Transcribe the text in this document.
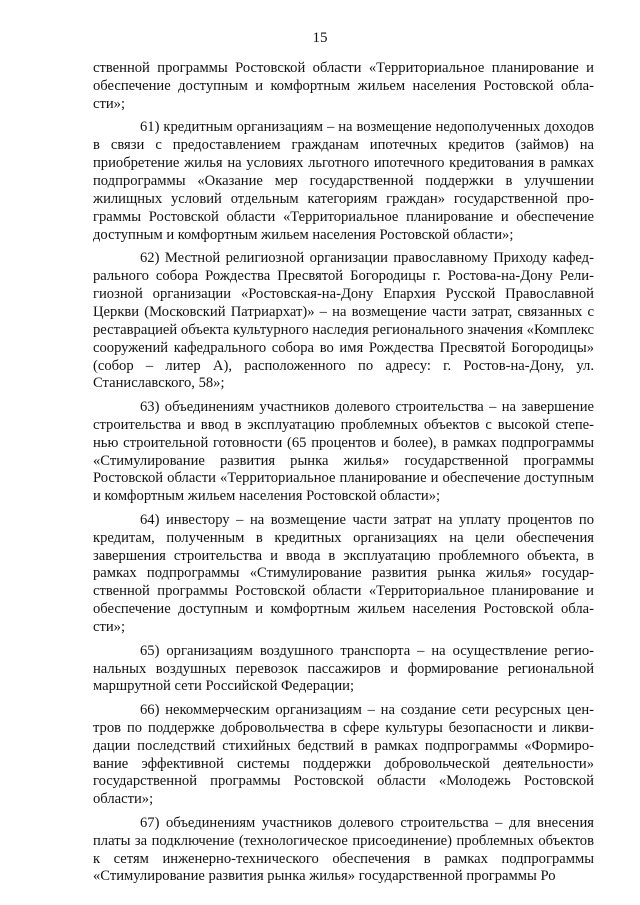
15

ственной программы Ростовской области «Территориальное планирование и обеспечение доступным и комфортным жильем населения Ростовской области»;

61) кредитным организациям – на возмещение недополученных доходов в связи с предоставлением гражданам ипотечных кредитов (займов) на приобретение жилья на условиях льготного ипотечного кредитования в рамках подпрограммы «Оказание мер государственной поддержки в улучшении жилищных условий отдельным категориям граждан» государственной программы Ростовской области «Территориальное планирование и обеспечение доступным и комфортным жильем населения Ростовской области»;

62) Местной религиозной организации православному Приходу кафедрального собора Рождества Пресвятой Богородицы г. Ростова-на-Дону Религиозной организации «Ростовская-на-Дону Епархия Русской Православной Церкви (Московский Патриархат)» – на возмещение части затрат, связанных с реставрацией объекта культурного наследия регионального значения «Комплекс сооружений кафедрального собора во имя Рождества Пресвятой Богородицы» (собор – литер А), расположенного по адресу: г. Ростов-на-Дону, ул. Станиславского, 58»;

63) объединениям участников долевого строительства – на завершение строительства и ввод в эксплуатацию проблемных объектов с высокой степенью строительной готовности (65 процентов и более), в рамках подпрограммы «Стимулирование развития рынка жилья» государственной программы Ростовской области «Территориальное планирование и обеспечение доступным и комфортным жильем населения Ростовской области»;

64) инвестору – на возмещение части затрат на уплату процентов по кредитам, полученным в кредитных организациях на цели обеспечения завершения строительства и ввода в эксплуатацию проблемного объекта, в рамках подпрограммы «Стимулирование развития рынка жилья» государственной программы Ростовской области «Территориальное планирование и обеспечение доступным и комфортным жильем населения Ростовской области»;

65) организациям воздушного транспорта – на осуществление региональных воздушных перевозок пассажиров и формирование региональной маршрутной сети Российской Федерации;

66) некоммерческим организациям – на создание сети ресурсных центров по поддержке добровольчества в сфере культуры безопасности и ликвидации последствий стихийных бедствий в рамках подпрограммы «Формирование эффективной системы поддержки добровольческой деятельности» государственной программы Ростовской области «Молодежь Ростовской области»;

67) объединениям участников долевого строительства – для внесения платы за подключение (технологическое присоединение) проблемных объектов к сетям инженерно-технического обеспечения в рамках подпрограммы «Стимулирование развития рынка жилья» государственной программы Ро
